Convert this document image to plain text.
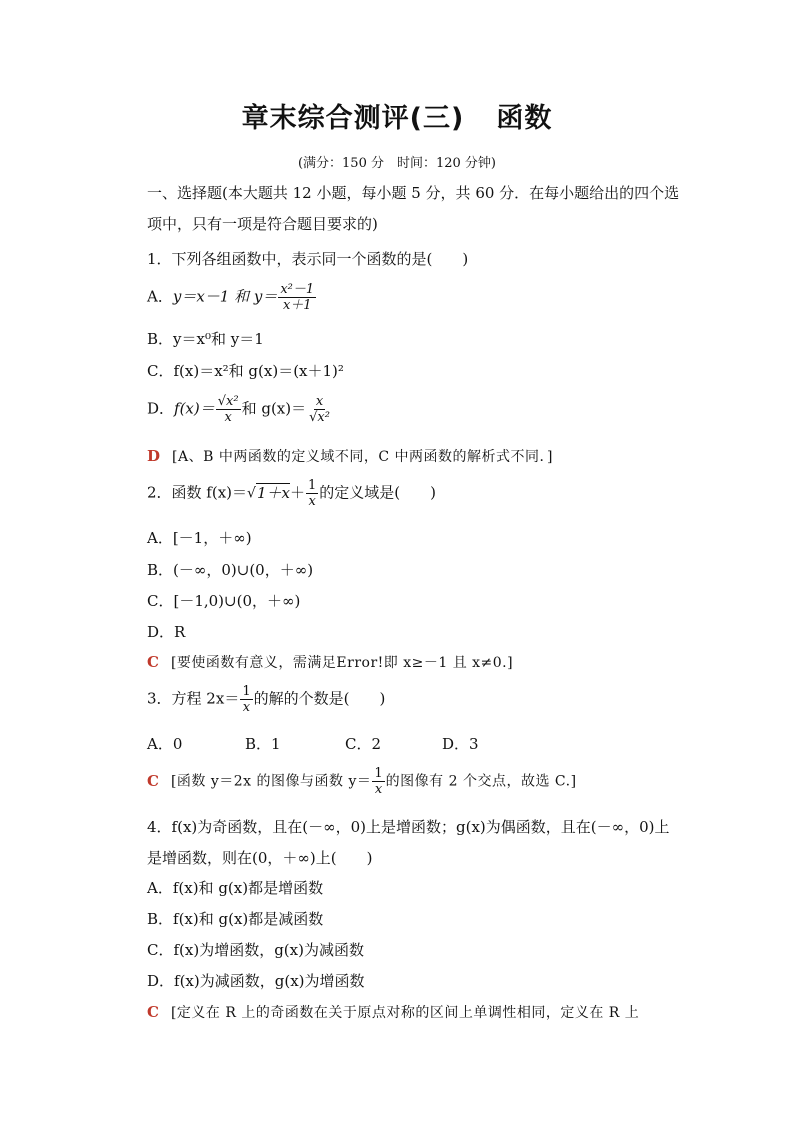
章末综合测评(三) 函数
(满分：150 分　时间：120 分钟)
一、选择题(本大题共 12 小题，每小题 5 分，共 60 分．在每小题给出的四个选项中，只有一项是符合题目要求的)
1．下列各组函数中，表示同一个函数的是(　　)
A．y＝x－1 和 $y= \frac{\text{x²－1}}{x+1}$
B．y＝x⁰和 y＝1
C．f(x)＝x²和 g(x)＝(x＋1)²
D．$f(x)= \frac{\text{√x²}}{x}$ 和 $g(x)= \frac{x}{\text{√x²}}$
D [A、B 中两函数的定义域不同，C 中两函数的解析式不同．]
2．函数 $f(x)=√1+x+ \frac{1}{x}$ 的定义域是(　　)
A．[－1，＋∞)
B．(－∞，0)∪(0，＋∞)
C．[－1,0)∪(0，＋∞)
D．R
C [要使函数有意义，需满足Error!即 x≥－1 且 x≠0.]
3．方程 $2x= \frac{1}{x}$ 的解的个数是(　　)
A．0	B．1	C．2	D．3
C [函数 y＝2x 的图像与函数 $y= \frac{1}{x}$ 的图像有 2 个交点，故选 C.]
4．f(x)为奇函数，且在(－∞，0)上是增函数；g(x)为偶函数，且在(－∞，0)上是增函数，则在(0，＋∞)上(　　)
A．f(x)和 g(x)都是增函数
B．f(x)和 g(x)都是减函数
C．f(x)为增函数，g(x)为减函数
D．f(x)为减函数，g(x)为增函数
C [定义在 R 上的奇函数在关于原点对称的区间上单调性相同，定义在 R 上
